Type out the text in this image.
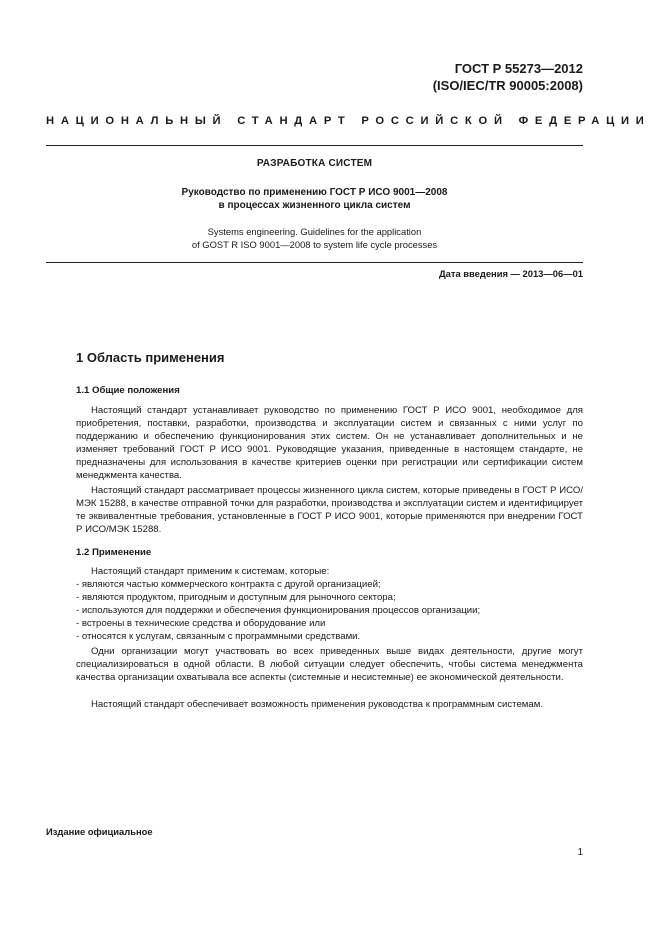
ГОСТ Р 55273—2012
(ISO/IEC/TR 90005:2008)
НАЦИОНАЛЬНЫЙ СТАНДАРТ РОССИЙСКОЙ ФЕДЕРАЦИИ
РАЗРАБОТКА СИСТЕМ
Руководство по применению ГОСТ Р ИСО 9001—2008
в процессах жизненного цикла систем
Systems engineering. Guidelines for the application
of GOST R ISO 9001—2008 to system life cycle processes
Дата введения — 2013—06—01
1 Область применения
1.1 Общие положения

Настоящий стандарт устанавливает руководство по применению ГОСТ Р ИСО 9001, необходимое для приобретения, поставки, разработки, производства и эксплуатации систем и связанных с ними услуг по поддержанию и обеспечению функционирования этих систем. Он не устанавливает дополнительных и не изменяет требований ГОСТ Р ИСО 9001. Руководящие указания, приведенные в настоящем стандарте, не предназначены для использования в качестве критериев оценки при регистрации или сертификации систем менеджмента качества.

Настоящий стандарт рассматривает процессы жизненного цикла систем, которые приведены в ГОСТ Р ИСО/МЭК 15288, в качестве отправной точки для разработки, производства и эксплуатации систем и идентифицирует те эквивалентные требования, установленные в ГОСТ Р ИСО 9001, которые применяются при внедрении ГОСТ Р ИСО/МЭК 15288.

1.2 Применение

Настоящий стандарт применим к системам, которые:

- являются частью коммерческого контракта с другой организацией;
- являются продуктом, пригодным и доступным для рыночного сектора;
- используются для поддержки и обеспечения функционирования процессов организации;
- встроены в технические средства и оборудование или
- относятся к услугам, связанным с программными средствами.

Одни организации могут участвовать во всех приведенных выше видах деятельности, другие могут специализироваться в одной области. В любой ситуации следует обеспечить, чтобы система менеджмента качества организации охватывала все аспекты (системные и несистемные) ее экономической деятельности.

Настоящий стандарт обеспечивает возможность применения руководства к программным системам.

Издание официальное
1
